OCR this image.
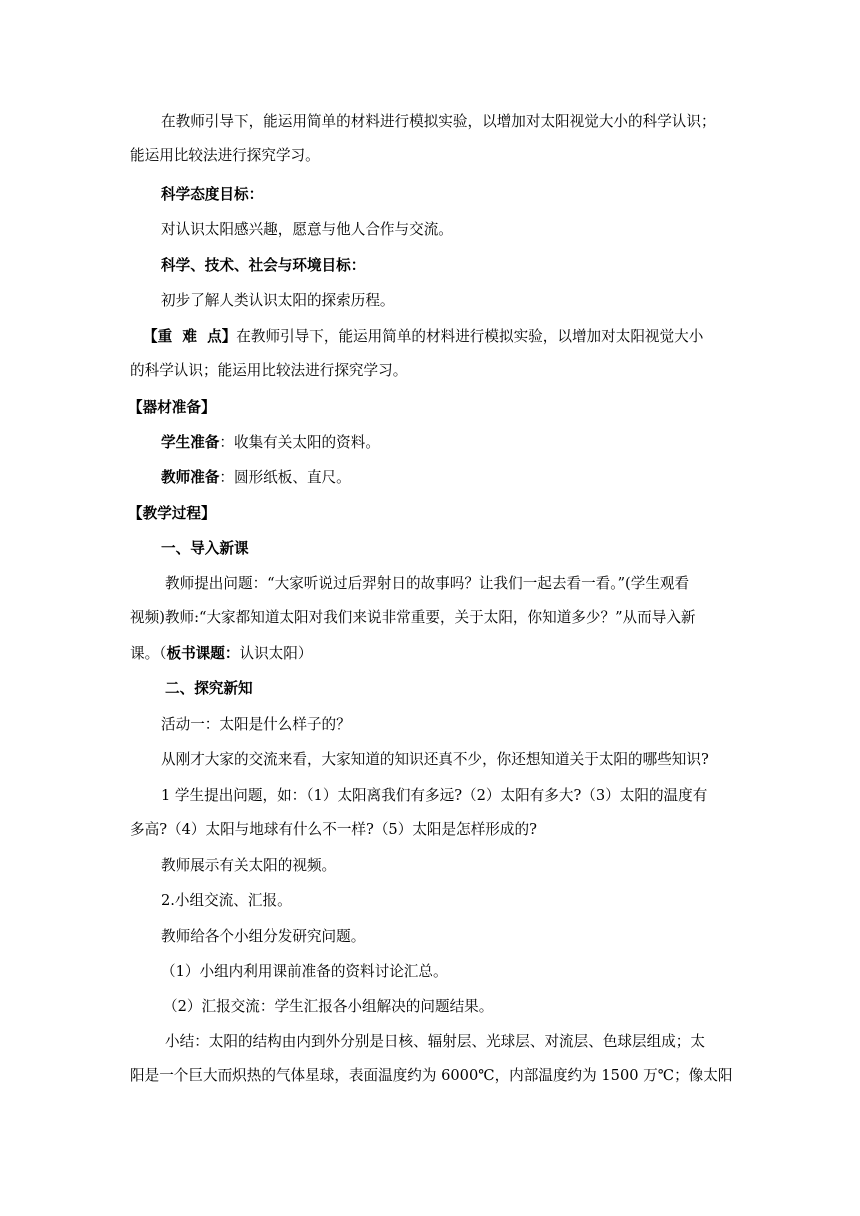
在教师引导下，能运用简单的材料进行模拟实验，以增加对太阳视觉大小的科学认识；
能运用比较法进行探究学习。
科学态度目标：
对认识太阳感兴趣，愿意与他人合作与交流。
科学、技术、社会与环境目标：
初步了解人类认识太阳的探索历程。
【重  难  点】在教师引导下，能运用简单的材料进行模拟实验，以增加对太阳视觉大小
的科学认识；能运用比较法进行探究学习。
【器材准备】
学生准备：收集有关太阳的资料。
教师准备：圆形纸板、直尺。
【教学过程】
一、导入新课
教师提出问题：“大家听说过后羿射日的故事吗？让我们一起去看一看。”(学生观看
视频)教师:“大家都知道太阳对我们来说非常重要，关于太阳，你知道多少？”从而导入新
课。（板书课题：认识太阳）
二、探究新知
活动一：太阳是什么样子的？
从刚才大家的交流来看，大家知道的知识还真不少，你还想知道关于太阳的哪些知识?
1 学生提出问题，如：（1）太阳离我们有多远?（2）太阳有多大?（3）太阳的温度有
多高?（4）太阳与地球有什么不一样?（5）太阳是怎样形成的?
教师展示有关太阳的视频。
2.小组交流、汇报。
教师给各个小组分发研究问题。
（1）小组内利用课前准备的资料讨论汇总。
（2）汇报交流：学生汇报各小组解决的问题结果。
小结：太阳的结构由内到外分别是日核、辐射层、光球层、对流层、色球层组成；太
阳是一个巨大而炽热的气体星球，表面温度约为 6000℃，内部温度约为 1500 万℃；像太阳
